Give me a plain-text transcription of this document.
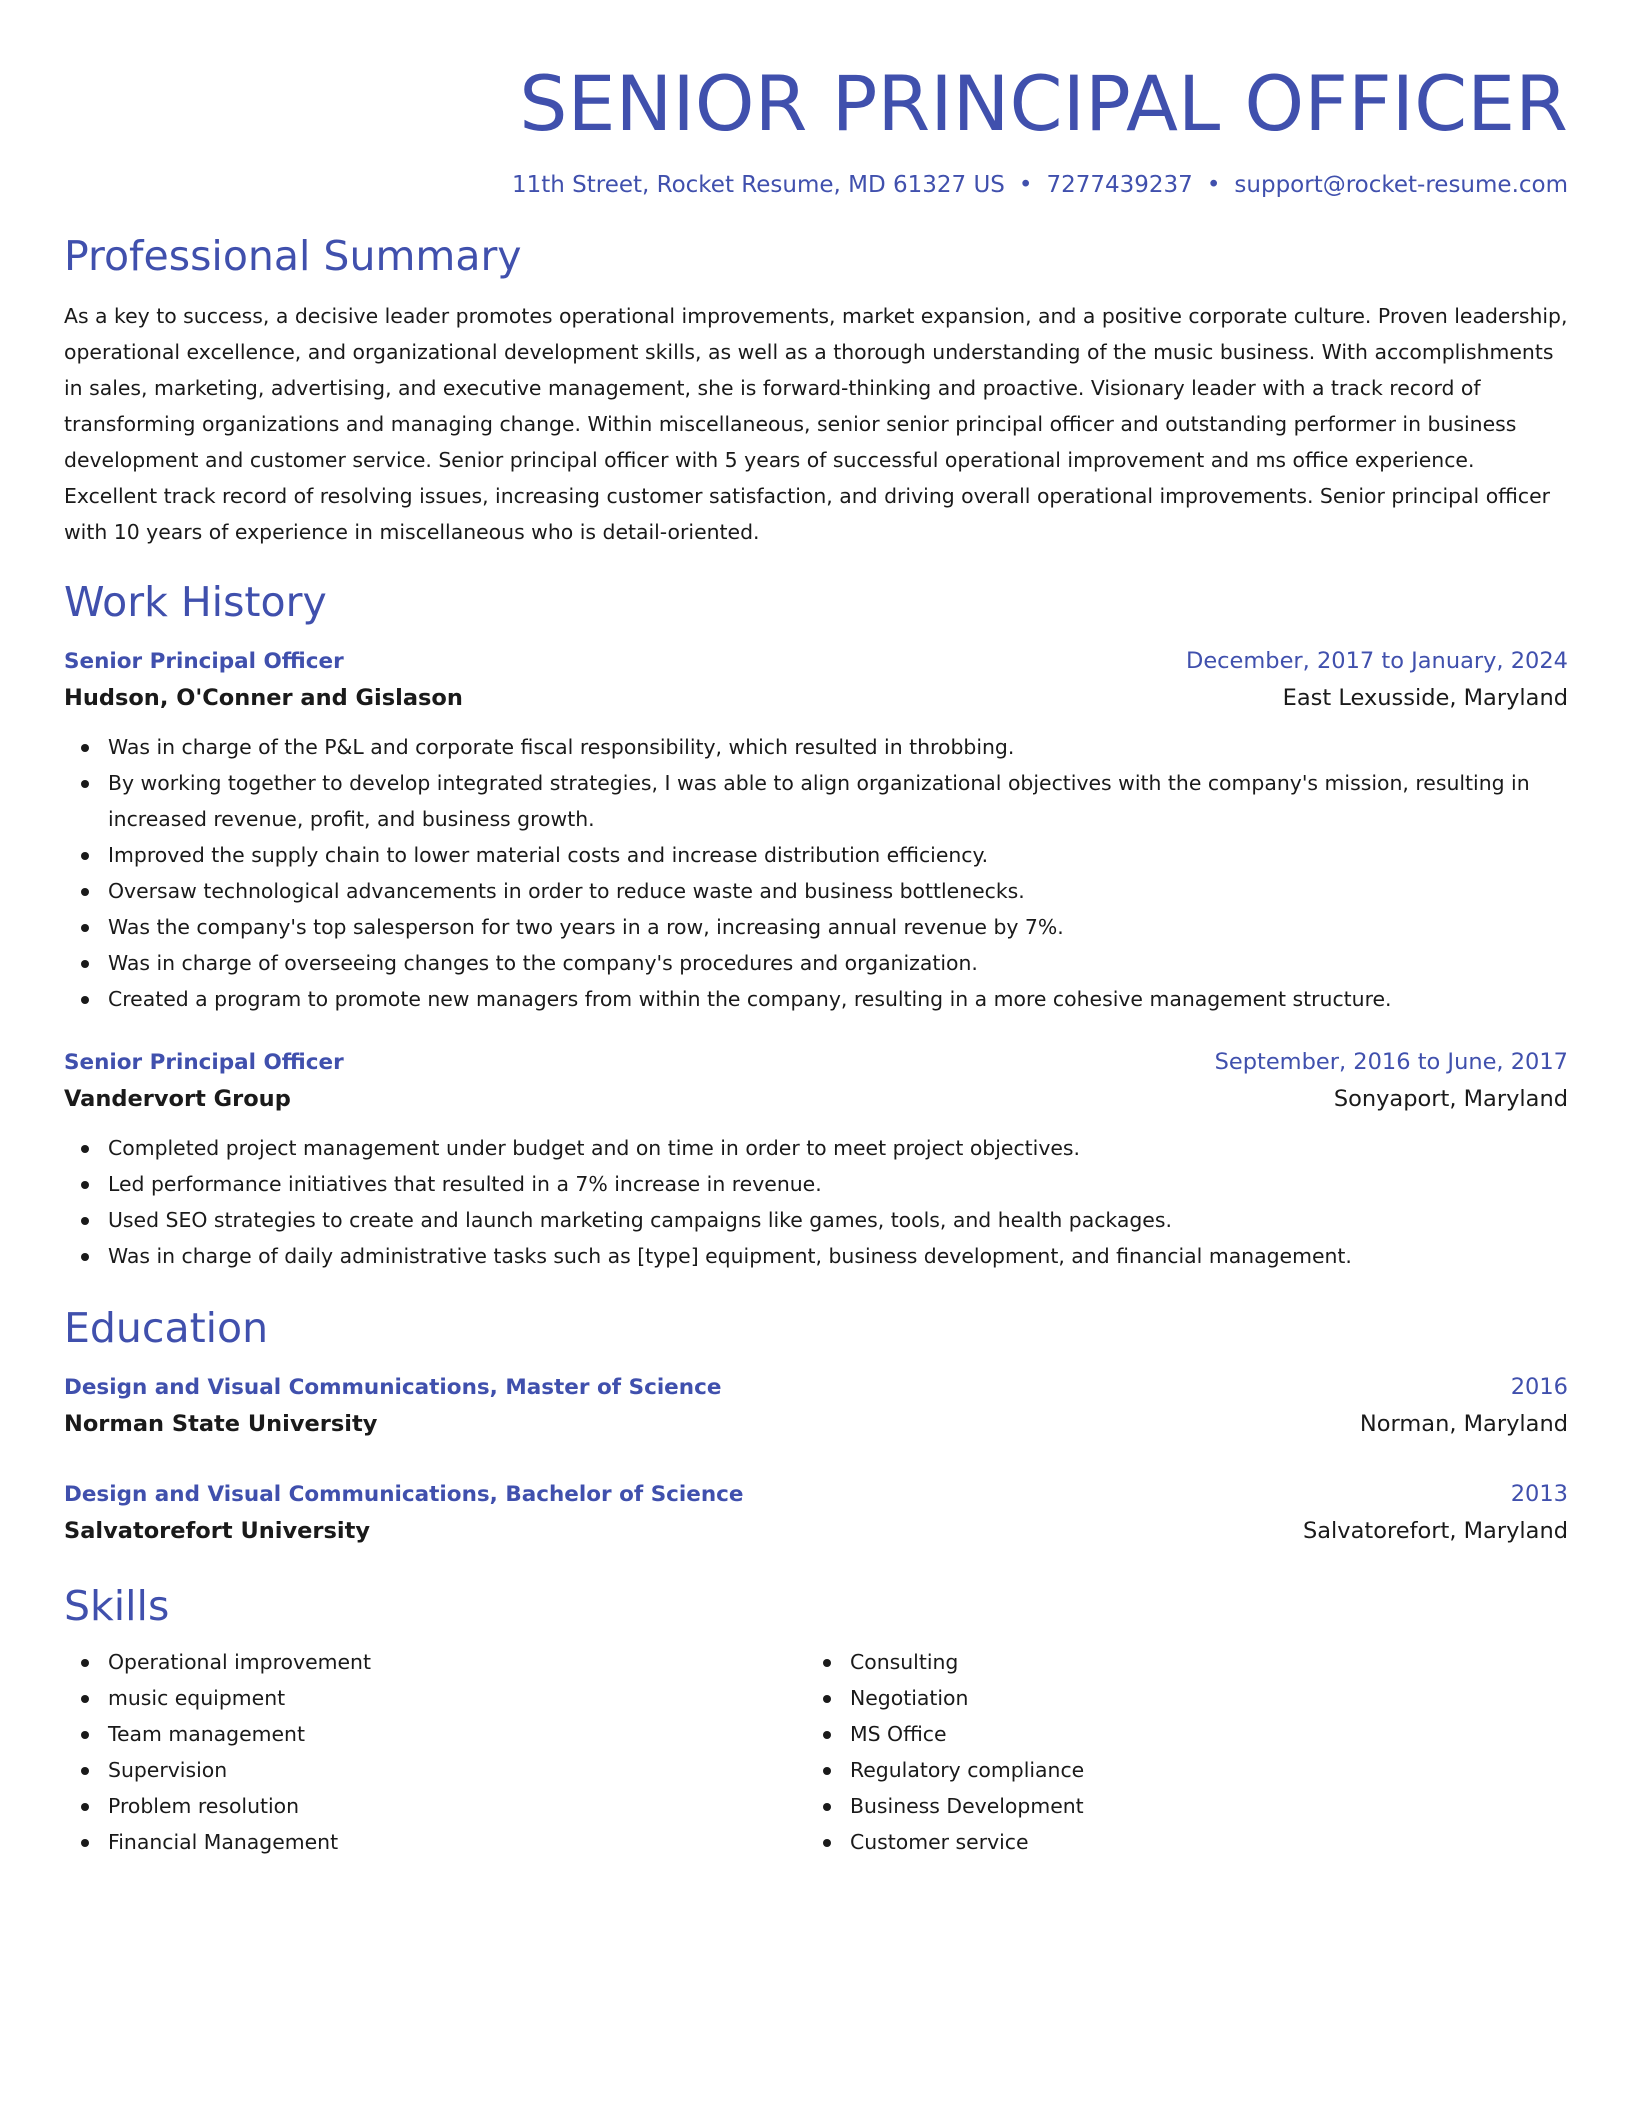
SENIOR PRINCIPAL OFFICER
11th Street, Rocket Resume, MD 61327 US • 7277439237 • support@rocket-resume.com
Professional Summary

As a key to success, a decisive leader promotes operational improvements, market expansion, and a positive corporate culture. Proven leadership, operational excellence, and organizational development skills, as well as a thorough understanding of the music business. With accomplishments in sales, marketing, advertising, and executive management, she is forward-thinking and proactive. Visionary leader with a track record of transforming organizations and managing change. Within miscellaneous, senior senior principal officer and outstanding performer in business development and customer service. Senior principal officer with 5 years of successful operational improvement and ms office experience. Excellent track record of resolving issues, increasing customer satisfaction, and driving overall operational improvements. Senior principal officer with 10 years of experience in miscellaneous who is detail-oriented.

Work History
Senior Principal Officer	December, 2017 to January, 2024
Hudson, O'Conner and Gislason	East Lexusside, Maryland
Was in charge of the P&L and corporate fiscal responsibility, which resulted in throbbing.
By working together to develop integrated strategies, I was able to align organizational objectives with the company's mission, resulting in increased revenue, profit, and business growth.
Improved the supply chain to lower material costs and increase distribution efficiency.
Oversaw technological advancements in order to reduce waste and business bottlenecks.
Was the company's top salesperson for two years in a row, increasing annual revenue by 7%.
Was in charge of overseeing changes to the company's procedures and organization.
Created a program to promote new managers from within the company, resulting in a more cohesive management structure.
Senior Principal Officer	September, 2016 to June, 2017
Vandervort Group	Sonyaport, Maryland
Completed project management under budget and on time in order to meet project objectives.
Led performance initiatives that resulted in a 7% increase in revenue.
Used SEO strategies to create and launch marketing campaigns like games, tools, and health packages.
Was in charge of daily administrative tasks such as [type] equipment, business development, and financial management.
Education
Design and Visual Communications, Master of Science	2016
Norman State University	Norman, Maryland
Design and Visual Communications, Bachelor of Science	2013
Salvatorefort University	Salvatorefort, Maryland
Skills
Operational improvement
music equipment
Team management
Supervision
Problem resolution
Financial Management
Consulting
Negotiation
MS Office
Regulatory compliance
Business Development
Customer service
